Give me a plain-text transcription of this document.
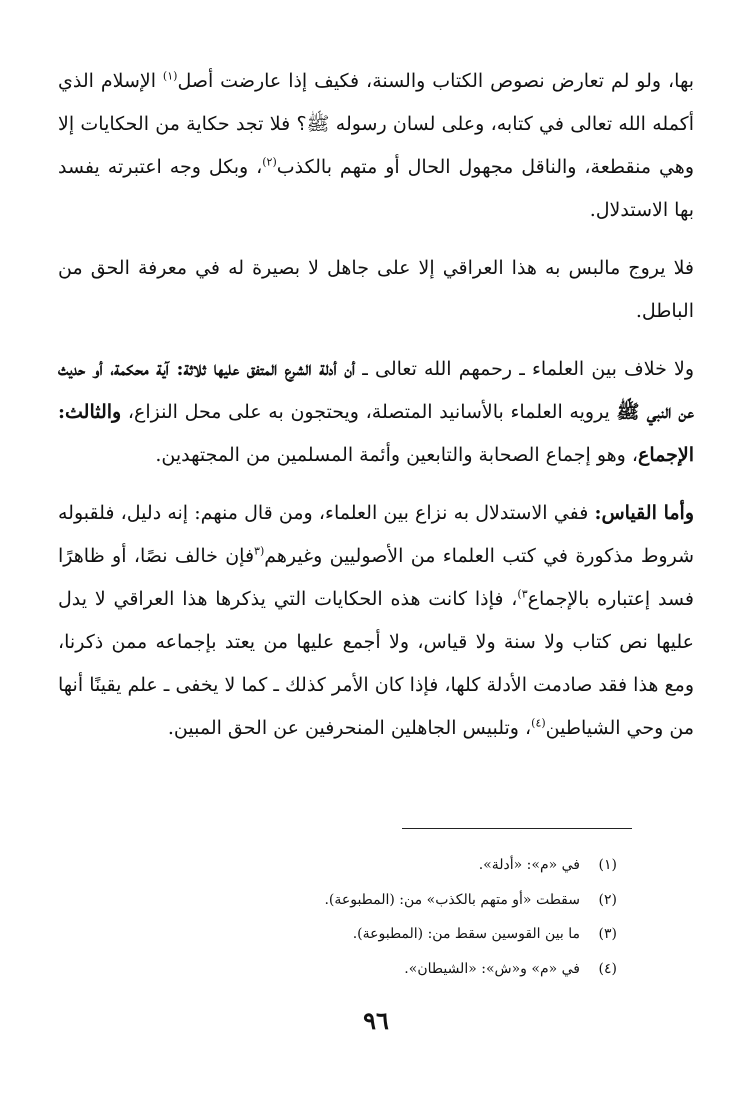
بها، ولو لم تعارض نصوص الكتاب والسنة، فكيف إذا عارضت أصل$^{(١)}$ الإسلام الذي أكمله الله تعالى في كتابه، وعلى لسان رسوله ﷺ؟ فلا تجد حكاية من الحكايات إلا وهي منقطعة، والناقل مجهول الحال أو متهم بالكذب$^{(٢)}$، وبكل وجه اعتبرته يفسد بها الاستدلال.

فلا يروج مالبس به هذا العراقي إلا على جاهل لا بصيرة له في معرفة الحق من الباطل.

ولا خلاف بين العلماء ـ رحمهم الله تعالى ـ أن أدلة الشرع المتفق عليها ثلاثة: آية محكمة، أو حديث عن النبي ﷺ يرويه العلماء بالأسانيد المتصلة، ويحتجون به على محل النزاع، والثالث: الإجماع، وهو إجماع الصحابة والتابعين وأئمة المسلمين من المجتهدين.

وأما القياس: ففي الاستدلال به نزاع بين العلماء، ومن قال منهم: إنه دليل، فلقبوله شروط مذكورة في كتب العلماء من الأصوليين وغيرهم$^{(٣}$فإن خالف نصًا، أو ظاهرًا فسد إعتباره بالإجماع$^{٣)}$، فإذا كانت هذه الحكايات التي يذكرها هذا العراقي لا يدل عليها نص كتاب ولا سنة ولا قياس، ولا أجمع عليها من يعتد بإجماعه ممن ذكرنا، ومع هذا فقد صادمت الأدلة كلها، فإذا كان الأمر كذلك ـ كما لا يخفى ـ علم يقينًا أنها من وحي الشياطين$^{(٤)}$، وتلبيس الجاهلين المنحرفين عن الحق المبين.

(١)
في «م»: «أدلة».
(٢)
سقطت «أو متهم بالكذب» من: (المطبوعة).
(٣)
ما بين القوسين سقط من: (المطبوعة).
(٤)
في «م» و«ش»: «الشيطان».
٩٦
